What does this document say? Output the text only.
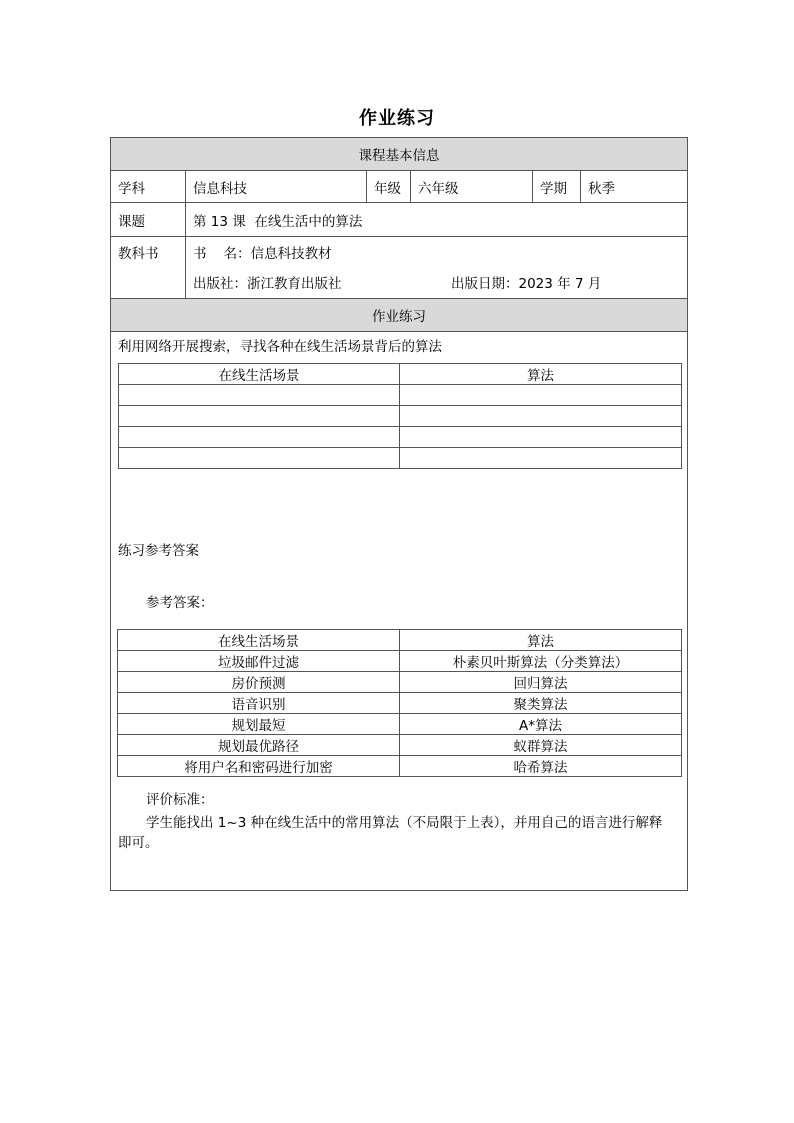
作业练习
课程基本信息
学科	信息科技	年级	六年级	学期	秋季
课题	第 13 课  在线生活中的算法
教科书	书    名：信息科技教材
出版社：浙江教育出版社	出版日期：2023 年 7 月
作业练习
利用网络开展搜索，寻找各种在线生活场景背后的算法
在线生活场景	算法

练习参考答案
参考答案：
在线生活场景	算法
垃圾邮件过滤	朴素贝叶斯算法（分类算法）
房价预测	回归算法
语音识别	聚类算法
规划最短	A*算法
规划最优路径	蚁群算法
将用户名和密码进行加密	哈希算法
评价标准：
学生能找出 1~3 种在线生活中的常用算法（不局限于上表），并用自己的语言进行解释
即可。
